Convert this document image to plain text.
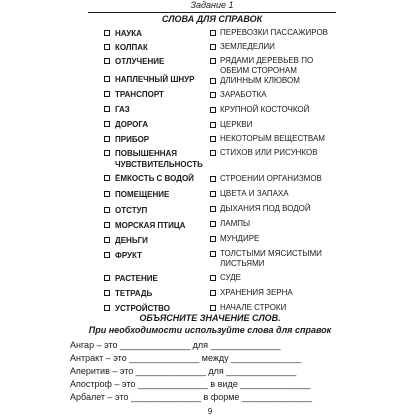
Задание 1
СЛОВА ДЛЯ СПРАВОК
НАУКА
КОЛПАК
ОТЛУЧЕНИЕ
НАПЛЕЧНЫЙ ШНУР
ТРАНСПОРТ
ГАЗ
ДОРОГА
ПРИБОР
ПОВЫШЕННАЯ ЧУВСТВИТЕЛЬНОСТЬ
ЁМКОСТЬ С ВОДОЙ
ПОМЕЩЕНИЕ
ОТСТУП
МОРСКАЯ ПТИЦА
ДЕНЬГИ
ФРУКТ
РАСТЕНИЕ
ТЕТРАДЬ
УСТРОЙСТВО
ПЕРЕВОЗКИ ПАССАЖИРОВ
ЗЕМЛЕДЕЛИИ
РЯДАМИ ДЕРЕВЬЕВ ПО ОБЕИМ СТОРОНАМ
ДЛИННЫМ КЛЮВОМ
ЗАРАБОТКА
КРУПНОЙ КОСТОЧКОЙ
ЦЕРКВИ
НЕКОТОРЫМ ВЕЩЕСТВАМ
СТИХОВ ИЛИ РИСУНКОВ
СТРОЕНИИ ОРГАНИЗМОВ
ЦВЕТА И ЗАПАХА
ДЫХАНИЯ ПОД ВОДОЙ
ЛАМПЫ
МУНДИРЕ
ТОЛСТЫМИ МЯСИСТЫМИ ЛИСТЬЯМИ
СУДЕ
ХРАНЕНИЯ ЗЕРНА
НАЧАЛЕ СТРОКИ
ОБЪЯСНИТЕ ЗНАЧЕНИЕ СЛОВ.
При необходимости используйте слова для справок
Ангар – это ______________ для ______________
Антракт – это ______________ между ______________
Аперитив – это ______________ для ______________
Апостроф – это ______________ в виде ______________
Арбалет – это ______________ в форме ______________
9
